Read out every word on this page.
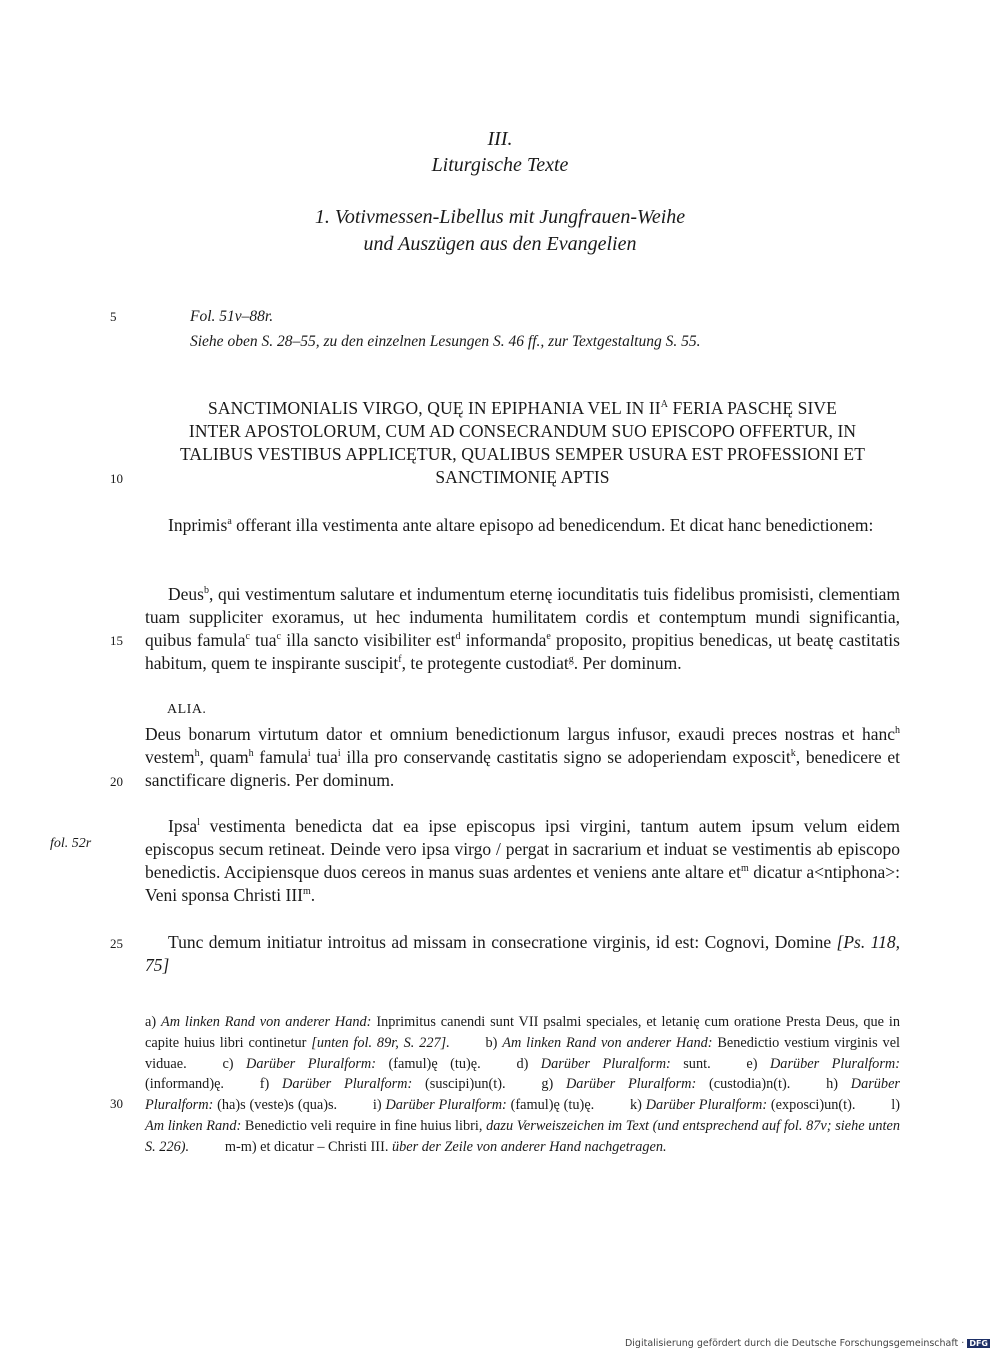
III.
Liturgische Texte
1. Votivmessen-Libellus mit Jungfrauen-Weihe
und Auszügen aus den Evangelien
5
10
15
20
25
30
Fol. 51v–88r.
Siehe oben S. 28–55, zu den einzelnen Lesungen S. 46 ff., zur Textgestaltung S. 55.
SANCTIMONIALIS VIRGO, QUĘ IN EPIPHANIA VEL IN $II^A$ FERIA PASCHĘ SIVE
INTER APOSTOLORUM, CUM AD CONSECRANDUM SUO EPISCOPO OFFERTUR, IN
TALIBUS VESTIBUS APPLICĘTUR, QUALIBUS SEMPER USURA EST PROFESSIONI ET
SANCTIMONIĘ APTIS
Inprimis$^a$ offerant illa vestimenta ante altare episopo ad benedicendum. Et dicat hanc benedictionem:
Deus$^b$, qui vestimentum salutare et indumentum eternę iocunditatis tuis fidelibus promisisti, clementiam tuam suppliciter exoramus, ut hec indumenta humilitatem cordis et contemptum mundi significantia, quibus famula$^c$ tua$^c$ illa sancto visibiliter est$^d$ informanda$^e$ proposito, propitius benedicas, ut beatę castitatis habitum, quem te inspirante suscipit$^f$, te protegente custodiat$^g$. Per dominum.
ALIA.
Deus bonarum virtutum dator et omnium benedictionum largus infusor, exaudi preces nostras et hanc$^h$ vestem$^h$, quam$^h$ famula$^i$ tua$^i$ illa pro conservandę castitatis signo se adoperiendam exposcit$^k$, benedicere et sanctificare digneris. Per dominum.
fol. 52r
Ipsa$^l$ vestimenta benedicta dat ea ipse episcopus ipsi virgini, tantum autem ipsum velum eidem episcopus secum retineat. Deinde vero ipsa virgo / pergat in sacrarium et induat se vestimentis ab episcopo benedictis. Accipiensque duos cereos in manus suas ardentes et veniens ante altare $et^m$ dicatur a<ntiphona>: Veni sponsa Christi III$^m$.
Tunc demum initiatur introitus ad missam in consecratione virginis, id est: Cognovi, Domine [Ps. 118, 75]
a) Am linken Rand von anderer Hand: Inprimitus canendi sunt VII psalmi speciales, et letanię cum oratione Presta Deus, que in capite huius libri continetur [unten fol. 89r, S. 227].   	b) Am linken Rand von anderer Hand: Benedictio vestium virginis vel viduae.   	c) Darüber Pluralform: (famul)ę (tu)ę.   	d) Darüber Pluralform: sunt.   	e) Darüber Pluralform: (informand)ę.   	f) Darüber Pluralform: (suscipi)un(t).   	g) Darüber Pluralform: (custodia)n(t).   	h) Darüber Pluralform: (ha)s (veste)s (qua)s.   	i) Darüber Pluralform: (famul)ę (tu)ę.   	k) Darüber Pluralform: (exposci)un(t).   	l) Am linken Rand: Benedictio veli require in fine huius libri, dazu Verweiszeichen im Text (und entsprechend auf fol. 87v; siehe unten S. 226).   	m-m) et dicatur – Christi III. über der Zeile von anderer Hand nachgetragen.
Digitalisierung gefördert durch die Deutsche Forschungsgemeinschaft · DFG
